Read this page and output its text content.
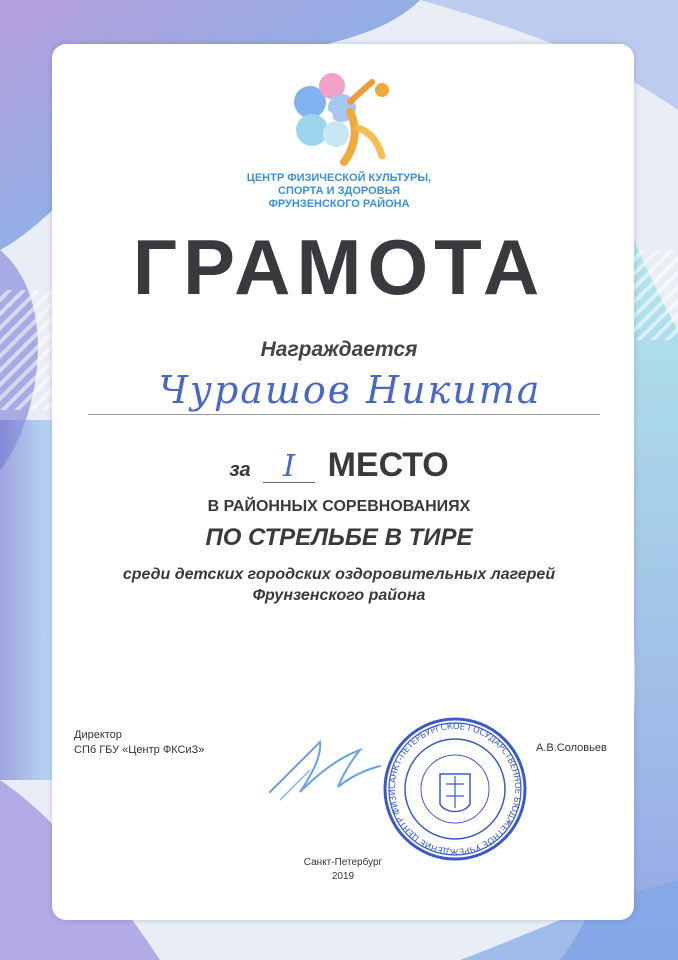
ЦЕНТР ФИЗИЧЕСКОЙ КУЛЬТУРЫ,
СПОРТА И ЗДОРОВЬЯ
ФРУНЗЕНСКОГО РАЙОНА
ГРАМОТА
Награждается
Чурашов Никита
за I МЕСТО
В РАЙОННЫХ СОРЕВНОВАНИЯХ
ПО СТРЕЛЬБЕ В ТИРЕ
среди детских городских оздоровительных лагерей
Фрунзенского района
Директор
СПб ГБУ «Центр ФКСиЗ»
САНКТ-ПЕТЕРБУРГСКОЕ ГОСУДАРСТВЕННОЕ БЮДЖЕТНОЕ УЧРЕЖДЕНИЕ ЦЕНТР ФИЗИ
А.В.Соловьев
Санкт-Петербург
2019
